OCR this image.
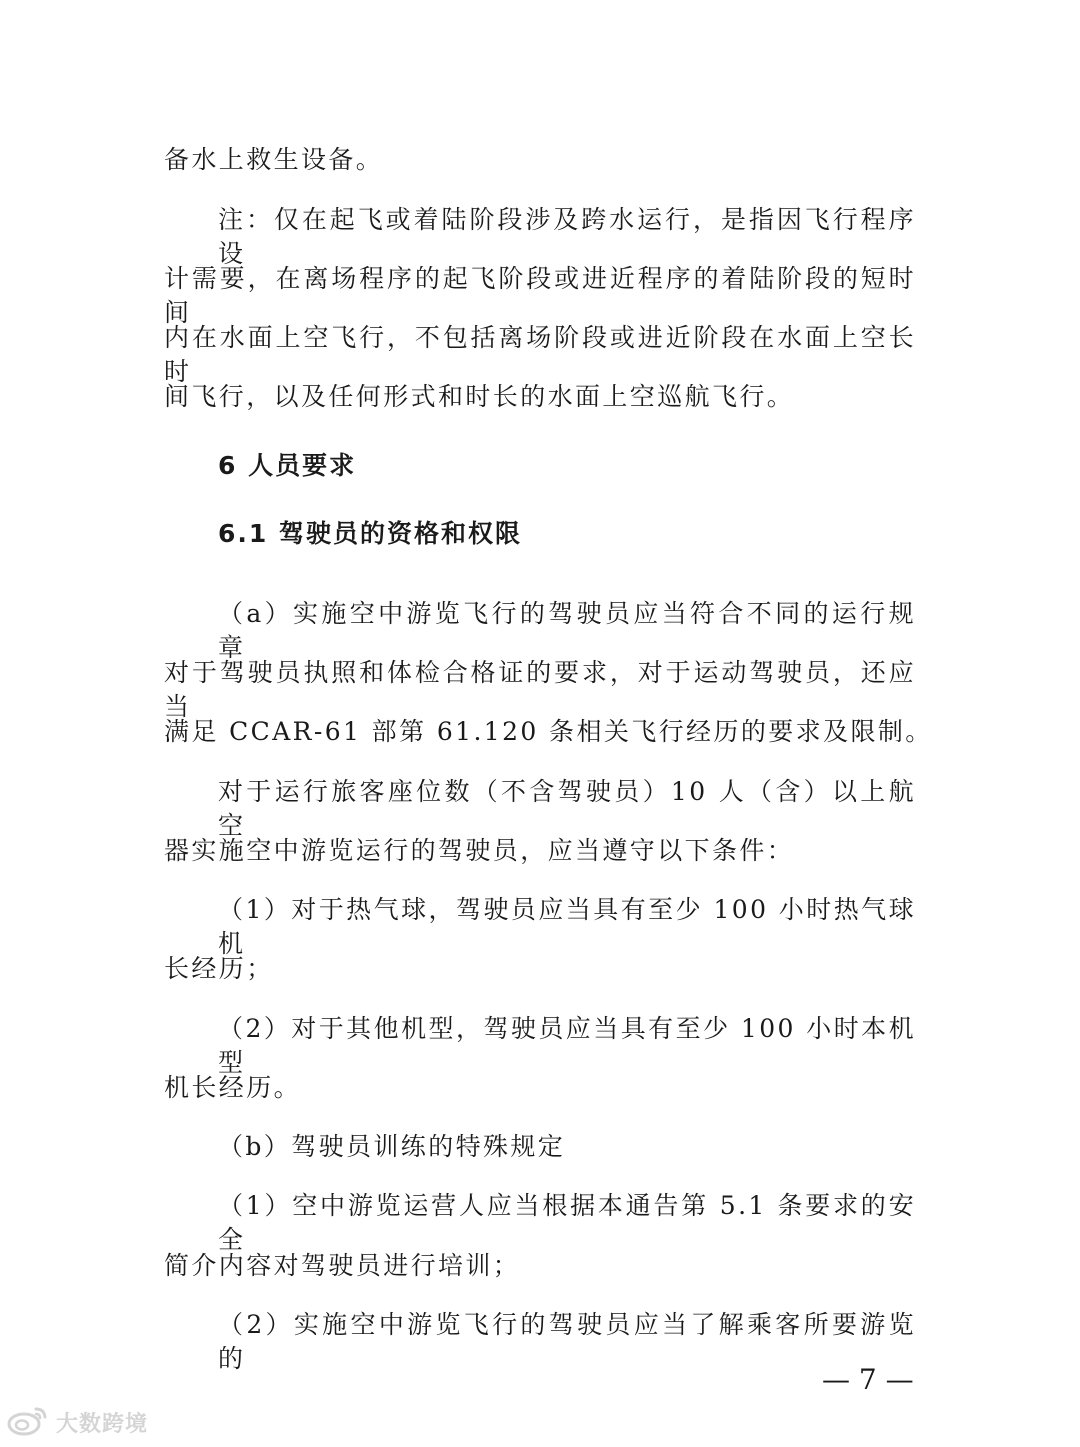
备水上救生设备。
注：仅在起飞或着陆阶段涉及跨水运行，是指因飞行程序设
计需要，在离场程序的起飞阶段或进近程序的着陆阶段的短时间
内在水面上空飞行，不包括离场阶段或进近阶段在水面上空长时
间飞行，以及任何形式和时长的水面上空巡航飞行。
6 人员要求
6.1 驾驶员的资格和权限
（a）实施空中游览飞行的驾驶员应当符合不同的运行规章
对于驾驶员执照和体检合格证的要求，对于运动驾驶员，还应当
满足 CCAR-61 部第 61.120 条相关飞行经历的要求及限制。
对于运行旅客座位数（不含驾驶员）10 人（含）以上航空
器实施空中游览运行的驾驶员，应当遵守以下条件：
（1）对于热气球，驾驶员应当具有至少 100 小时热气球机
长经历；
（2）对于其他机型，驾驶员应当具有至少 100 小时本机型
机长经历。
（b）驾驶员训练的特殊规定
（1）空中游览运营人应当根据本通告第 5.1 条要求的安全
简介内容对驾驶员进行培训；
（2）实施空中游览飞行的驾驶员应当了解乘客所要游览的
— 7 —
大数跨境
